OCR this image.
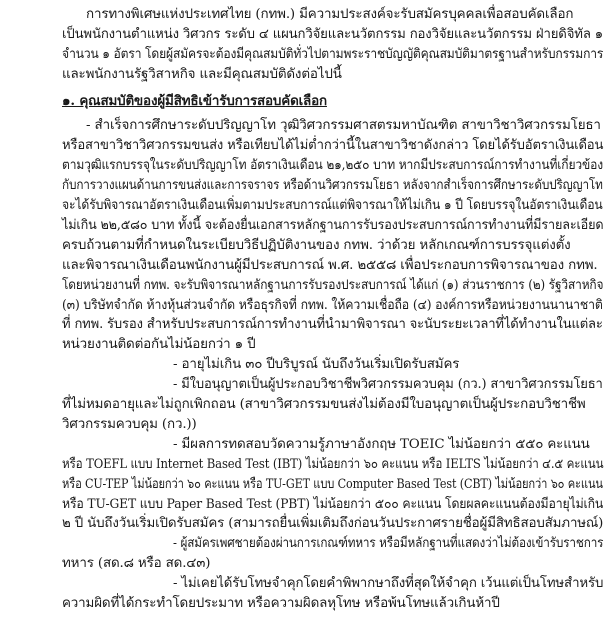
การทางพิเศษแห่งประเทศไทย (กทพ.) มีความประสงค์จะรับสมัครบุคคลเพื่อสอบคัดเลือก
เป็นพนักงานตำแหน่ง วิศวกร ระดับ ๔ แผนกวิจัยและนวัตกรรม กองวิจัยและนวัตกรรม ฝ่ายดิจิทัล ๑
จำนวน ๑ อัตรา โดยผู้สมัครจะต้องมีคุณสมบัติทั่วไปตามพระราชบัญญัติคุณสมบัติมาตรฐานสำหรับกรรมการ
และพนักงานรัฐวิสาหกิจ และมีคุณสมบัติดังต่อไปนี้
๑. คุณสมบัติของผู้มีสิทธิเข้ารับการสอบคัดเลือก
- สำเร็จการศึกษาระดับปริญญาโท วุฒิวิศวกรรมศาสตรมหาบัณฑิต สาขาวิชาวิศวกรรมโยธา
หรือสาขาวิชาวิศวกรรมขนส่ง หรือเทียบได้ไม่ต่ำกว่านี้ในสาขาวิชาดังกล่าว โดยได้รับอัตราเงินเดือน
ตามวุฒิแรกบรรจุในระดับปริญญาโท อัตราเงินเดือน ๒๑,๒๕๐ บาท หากมีประสบการณ์การทำงานที่เกี่ยวข้อง
กับการวางแผนด้านการขนส่งและการจราจร หรือด้านวิศวกรรมโยธา หลังจากสำเร็จการศึกษาระดับปริญญาโท
จะได้รับพิจารณาอัตราเงินเดือนเพิ่มตามประสบการณ์แต่พิจารณาให้ไม่เกิน ๑ ปี โดยบรรจุในอัตราเงินเดือน
ไม่เกิน ๒๒,๕๘๐ บาท ทั้งนี้ จะต้องยื่นเอกสารหลักฐานการรับรองประสบการณ์การทำงานที่มีรายละเอียด
ครบถ้วนตามที่กำหนดในระเบียบวิธีปฏิบัติงานของ กทพ. ว่าด้วย หลักเกณฑ์การบรรจุแต่งตั้ง
และพิจารณาเงินเดือนพนักงานผู้มีประสบการณ์ พ.ศ. ๒๕๕๘ เพื่อประกอบการพิจารณาของ กทพ.
โดยหน่วยงานที่ กทพ. จะรับพิจารณาหลักฐานการรับรองประสบการณ์ ได้แก่ (๑) ส่วนราชการ (๒) รัฐวิสาหกิจ
(๓) บริษัทจำกัด ห้างหุ้นส่วนจำกัด หรือธุรกิจที่ กทพ. ให้ความเชื่อถือ (๔) องค์การหรือหน่วยงานนานาชาติ
ที่ กทพ. รับรอง สำหรับประสบการณ์การทำงานที่นำมาพิจารณา จะนับระยะเวลาที่ได้ทำงานในแต่ละ
หน่วยงานติดต่อกันไม่น้อยกว่า ๑ ปี
- อายุไม่เกิน ๓๐ ปีบริบูรณ์ นับถึงวันเริ่มเปิดรับสมัคร
- มีใบอนุญาตเป็นผู้ประกอบวิชาชีพวิศวกรรมควบคุม (กว.) สาขาวิศวกรรมโยธา
ที่ไม่หมดอายุและไม่ถูกเพิกถอน (สาขาวิศวกรรมขนส่งไม่ต้องมีใบอนุญาตเป็นผู้ประกอบวิชาชีพ
วิศวกรรมควบคุม (กว.))
- มีผลการทดสอบวัดความรู้ภาษาอังกฤษ TOEIC ไม่น้อยกว่า ๕๕๐ คะแนน
หรือ TOEFL แบบ Internet Based Test (IBT) ไม่น้อยกว่า ๖๐ คะแนน หรือ IELTS ไม่น้อยกว่า ๔.๕ คะแนน
หรือ CU-TEP ไม่น้อยกว่า ๖๐ คะแนน หรือ TU-GET แบบ Computer Based Test (CBT) ไม่น้อยกว่า ๖๐ คะแนน
หรือ TU-GET แบบ Paper Based Test (PBT) ไม่น้อยกว่า ๕๐๐ คะแนน โดยผลคะแนนต้องมีอายุไม่เกิน
๒ ปี นับถึงวันเริ่มเปิดรับสมัคร (สามารถยื่นเพิ่มเติมถึงก่อนวันประกาศรายชื่อผู้มีสิทธิสอบสัมภาษณ์)
- ผู้สมัครเพศชายต้องผ่านการเกณฑ์ทหาร หรือมีหลักฐานที่แสดงว่าไม่ต้องเข้ารับราชการ
ทหาร (สด.๘ หรือ สด.๔๓)
- ไม่เคยได้รับโทษจำคุกโดยคำพิพากษาถึงที่สุดให้จำคุก เว้นแต่เป็นโทษสำหรับ
ความผิดที่ได้กระทำโดยประมาท หรือความผิดลหุโทษ หรือพ้นโทษแล้วเกินห้าปี
